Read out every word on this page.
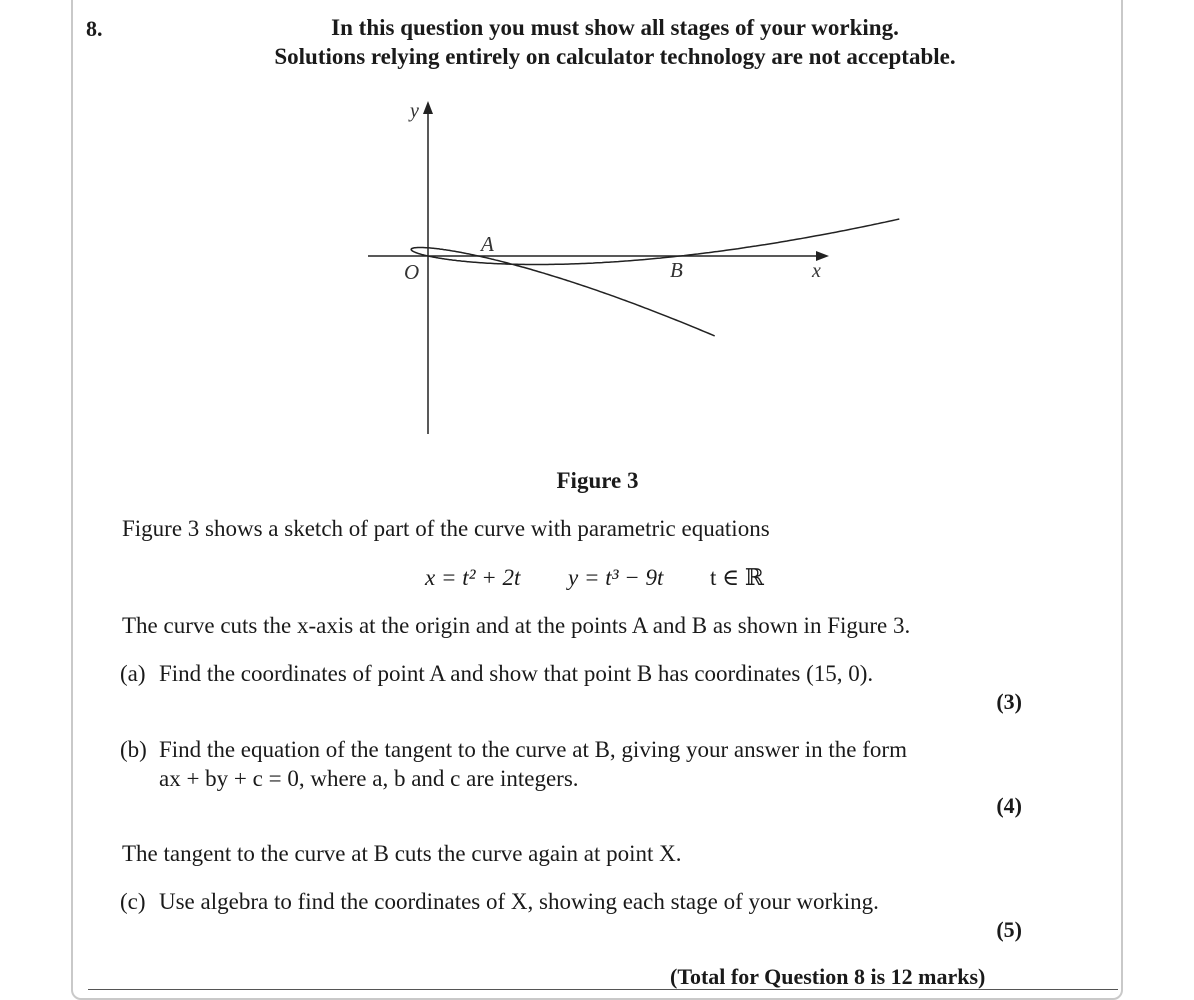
8.	In this question you must show all stages of your working.
Solutions relying entirely on calculator technology are not acceptable.
y
x
O
A
B
Figure 3
Figure 3 shows a sketch of part of the curve with parametric equations
x = t² + 2t y = t³ − 9t t ∈ ℝ
The curve cuts the x-axis at the origin and at the points A and B as shown in Figure 3.
(a) Find the coordinates of point A and show that point B has coordinates (15, 0).
(3)
(b) Find the equation of the tangent to the curve at B, giving your answer in the form
ax + by + c = 0, where a, b and c are integers.
(4)
The tangent to the curve at B cuts the curve again at point X.
(c) Use algebra to find the coordinates of X, showing each stage of your working.
(5)
(Total for Question 8 is 12 marks)
